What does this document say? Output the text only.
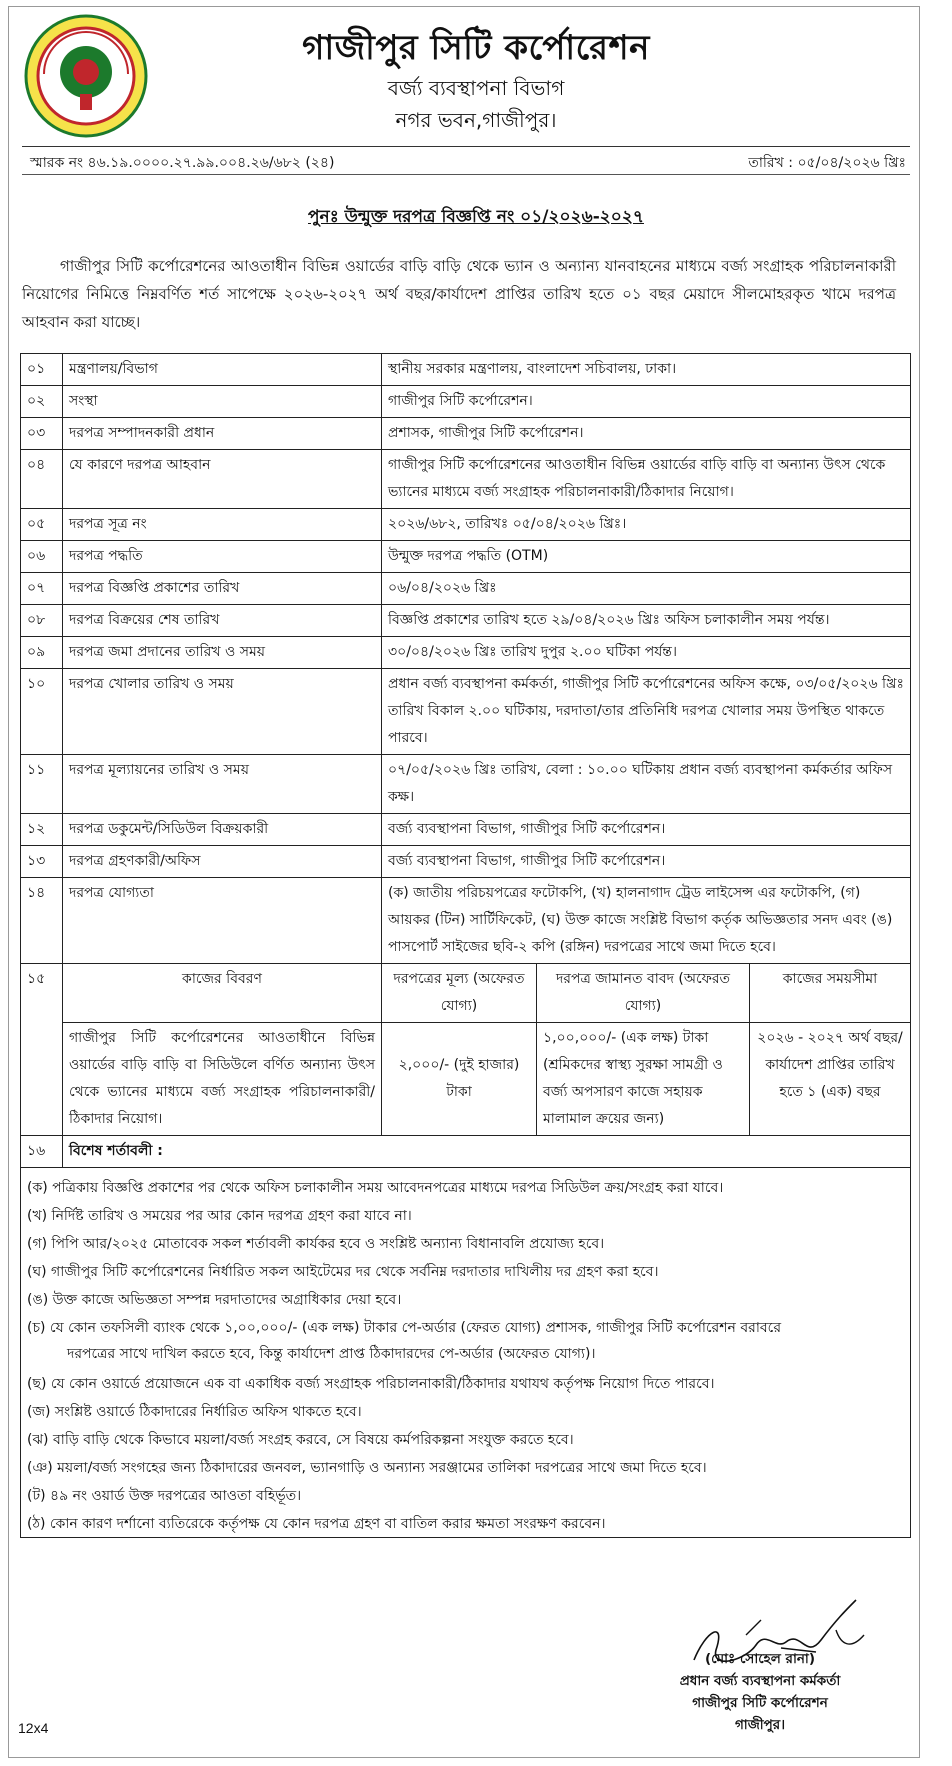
গাজীপুর সিটি কর্পোরেশন
বর্জ্য ব্যবস্থাপনা বিভাগ
নগর ভবন,গাজীপুর।
স্মারক নং ৪৬.১৯.০০০০.২৭.৯৯.০০৪.২৬/৬৮২ (২৪)	তারিখ : ০৫/০৪/২০২৬ খ্রিঃ
পুনঃ উন্মুক্ত দরপত্র বিজ্ঞপ্তি নং ০১/২০২৬-২০২৭
গাজীপুর সিটি কর্পোরেশনের আওতাধীন বিভিন্ন ওয়ার্ডের বাড়ি বাড়ি থেকে ভ্যান ও অন্যান্য যানবাহনের মাধ্যমে বর্জ্য সংগ্রাহক পরিচালনাকারী নিয়োগের নিমিত্তে নিম্নবর্ণিত শর্ত সাপেক্ষে ২০২৬-২০২৭ অর্থ বছর/কার্যাদেশ প্রাপ্তির তারিখ হতে ০১ বছর মেয়াদে সীলমোহরকৃত খামে দরপত্র আহবান করা যাচ্ছে।
০১	মন্ত্রণালয়/বিভাগ	স্থানীয় সরকার মন্ত্রণালয়, বাংলাদেশ সচিবালয়, ঢাকা।		
০২	সংস্থা	গাজীপুর সিটি কর্পোরেশন।		
০৩	দরপত্র সম্পাদনকারী প্রধান	প্রশাসক, গাজীপুর সিটি কর্পোরেশন।		
০৪	যে কারণে দরপত্র আহবান	গাজীপুর সিটি কর্পোরেশনের আওতাধীন বিভিন্ন ওয়ার্ডের বাড়ি বাড়ি বা অন্যান্য উৎস থেকে ভ্যানের মাধ্যমে বর্জ্য সংগ্রাহক পরিচালনাকারী/ঠিকাদার নিয়োগ।		
০৫	দরপত্র সূত্র নং	২০২৬/৬৮২, তারিখঃ ০৫/০৪/২০২৬ খ্রিঃ।		
০৬	দরপত্র পদ্ধতি	উন্মুক্ত দরপত্র পদ্ধতি (OTM)		
০৭	দরপত্র বিজ্ঞপ্তি প্রকাশের তারিখ	০৬/০৪/২০২৬ খ্রিঃ		
০৮	দরপত্র বিক্রয়ের শেষ তারিখ	বিজ্ঞপ্তি প্রকাশের তারিখ হতে ২৯/০৪/২০২৬ খ্রিঃ অফিস চলাকালীন সময় পর্যন্ত।		
০৯	দরপত্র জমা প্রদানের তারিখ ও সময়	৩০/০৪/২০২৬ খ্রিঃ তারিখ দুপুর ২.০০ ঘটিকা পর্যন্ত।		
১০	দরপত্র খোলার তারিখ ও সময়	প্রধান বর্জ্য ব্যবস্থাপনা কর্মকর্তা, গাজীপুর সিটি কর্পোরেশনের অফিস কক্ষে, ০৩/০৫/২০২৬ খ্রিঃ তারিখ বিকাল ২.০০ ঘটিকায়, দরদাতা/তার প্রতিনিধি দরপত্র খোলার সময় উপস্থিত থাকতে পারবে।		
১১	দরপত্র মূল্যায়নের তারিখ ও সময়	০৭/০৫/২০২৬ খ্রিঃ তারিখ, বেলা : ১০.০০ ঘটিকায় প্রধান বর্জ্য ব্যবস্থাপনা কর্মকর্তার অফিস কক্ষ।		
১২	দরপত্র ডকুমেন্ট/সিডিউল বিক্রয়কারী	বর্জ্য ব্যবস্থাপনা বিভাগ, গাজীপুর সিটি কর্পোরেশন।		
১৩	দরপত্র গ্রহণকারী/অফিস	বর্জ্য ব্যবস্থাপনা বিভাগ, গাজীপুর সিটি কর্পোরেশন।		
১৪	দরপত্র যোগ্যতা	(ক) জাতীয় পরিচয়পত্রের ফটোকপি, (খ) হালনাগাদ ট্রেড লাইসেন্স এর ফটোকপি, (গ) আয়কর (টিন) সার্টিফিকেট, (ঘ) উক্ত কাজে সংশ্লিষ্ট বিভাগ কর্তৃক অভিজ্ঞতার সনদ এবং (ঙ) পাসপোর্ট সাইজের ছবি-২ কপি (রঙ্গিন) দরপত্রের সাথে জমা দিতে হবে।		
১৫	কাজের বিবরণ	দরপত্রের মূল্য (অফেরত যোগ্য)	দরপত্র জামানত বাবদ (অফেরত যোগ্য)	কাজের সময়সীমা
	গাজীপুর সিটি কর্পোরেশনের আওতাধীনে বিভিন্ন ওয়ার্ডের বাড়ি বাড়ি বা সিডিউলে বর্ণিত অন্যান্য উৎস থেকে ভ্যানের মাধ্যমে বর্জ্য সংগ্রাহক পরিচালনাকারী/ঠিকাদার নিয়োগ।	২,০০০/- (দুই হাজার) টাকা	১,০০,০০০/- (এক লক্ষ) টাকা (শ্রমিকদের স্বাস্থ্য সুরক্ষা সামগ্রী ও বর্জ্য অপসারণ কাজে সহায়ক মালামাল ক্রয়ের জন্য)	২০২৬ - ২০২৭ অর্থ বছর/ কার্যাদেশ প্রাপ্তির তারিখ হতে ১ (এক) বছর
১৬	বিশেষ শর্তাবলী :			
(ক) পত্রিকায় বিজ্ঞপ্তি প্রকাশের পর থেকে অফিস চলাকালীন সময় আবেদনপত্রের মাধ্যমে দরপত্র সিডিউল ক্রয়/সংগ্রহ করা যাবে।
(খ) নির্দিষ্ট তারিখ ও সময়ের পর আর কোন দরপত্র গ্রহণ করা যাবে না।
(গ) পিপি আর/২০২৫ মোতাবেক সকল শর্তাবলী কার্যকর হবে ও সংশ্লিষ্ট অন্যান্য বিধানাবলি প্রযোজ্য হবে।
(ঘ) গাজীপুর সিটি কর্পোরেশনের নির্ধারিত সকল আইটেমের দর থেকে সর্বনিম্ন দরদাতার দাখিলীয় দর গ্রহণ করা হবে।
(ঙ) উক্ত কাজে অভিজ্ঞতা সম্পন্ন দরদাতাদের অগ্রাধিকার দেয়া হবে।
(চ) যে কোন তফসিলী ব্যাংক থেকে ১,০০,০০০/- (এক লক্ষ) টাকার পে-অর্ডার (ফেরত যোগ্য) প্রশাসক, গাজীপুর সিটি কর্পোরেশন বরাবরে
দরপত্রের সাথে দাখিল করতে হবে, কিন্তু কার্যাদেশ প্রাপ্ত ঠিকাদারদের পে-অর্ডার (অফেরত যোগ্য)।
(ছ) যে কোন ওয়ার্ডে প্রয়োজনে এক বা একাধিক বর্জ্য সংগ্রাহক পরিচালনাকারী/ঠিকাদার যথাযথ কর্তৃপক্ষ নিয়োগ দিতে পারবে।
(জ) সংশ্লিষ্ট ওয়ার্ডে ঠিকাদারের নির্ধারিত অফিস থাকতে হবে।
(ঝ) বাড়ি বাড়ি থেকে কিভাবে ময়লা/বর্জ্য সংগ্রহ করবে, সে বিষয়ে কর্মপরিকল্পনা সংযুক্ত করতে হবে।
(ঞ) ময়লা/বর্জ্য সংগহের জন্য ঠিকাদারের জনবল, ভ্যানগাড়ি ও অন্যান্য সরঞ্জামের তালিকা দরপত্রের সাথে জমা দিতে হবে।
(ট) ৪৯ নং ওয়ার্ড উক্ত দরপত্রের আওতা বহির্ভূত।
(ঠ) কোন কারণ দর্শানো ব্যতিরেকে কর্তৃপক্ষ যে কোন দরপত্র গ্রহণ বা বাতিল করার ক্ষমতা সংরক্ষণ করবেন।
(মোঃ সোহেল রানা)
প্রধান বর্জ্য ব্যবস্থাপনা কর্মকর্তা
গাজীপুর সিটি কর্পোরেশন
গাজীপুর।
12x4
